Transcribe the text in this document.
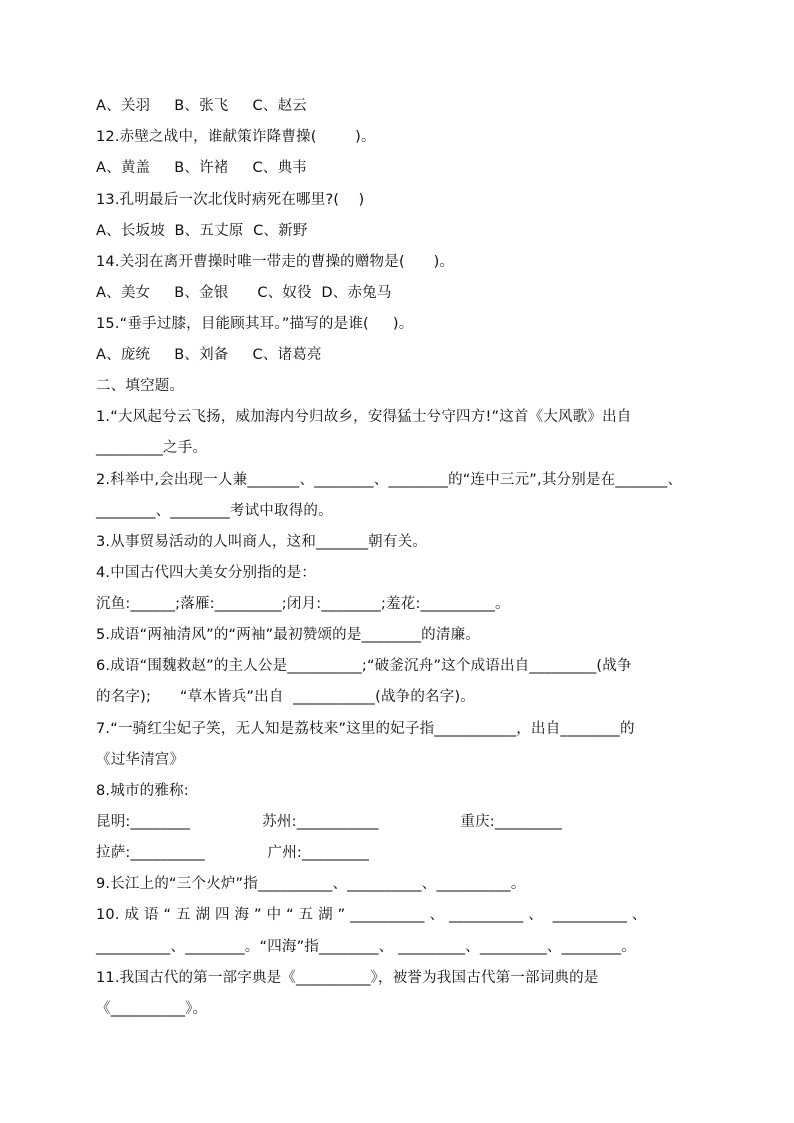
A、关羽     B、张飞     C、赵云
12.赤壁之战中，谁献策诈降曹操(        )。
A、黄盖     B、许褚     C、典韦
13.孔明最后一次北伐时病死在哪里?(    )
A、长坂坡  B、五丈原  C、新野
14.关羽在离开曹操时唯一带走的曹操的赠物是(      )。
A、美女     B、金银      C、奴役  D、赤兔马
15.“垂手过膝，目能顾其耳。”描写的是谁(     )。
A、庞统     B、刘备     C、诸葛亮
二、填空题。
1.“大风起兮云飞扬，威加海内兮归故乡，安得猛士兮守四方!”这首《大风歌》出自
_________之手。
2.科举中,会出现一人兼_______、________、________的“连中三元”,其分别是在_______、
________、________考试中取得的。
3.从事贸易活动的人叫商人，这和_______朝有关。
4.中国古代四大美女分别指的是：
沉鱼:______;落雁:_________;闭月:________;羞花:__________。
5.成语“两袖清风”的“两袖”最初赞颂的是________的清廉。
6.成语“围魏救赵”的主人公是__________;“破釜沉舟”这个成语出自_________(战争
的名字);      “草木皆兵”出自  ___________(战争的名字)。
7.“一骑红尘妃子笑，无人知是荔枝来”这里的妃子指___________，出自________的
《过华清宫》
8.城市的雅称:
昆明:________               苏州:___________                 重庆:_________
拉萨:__________             广州:_________
9.长江上的“三个火炉”指__________、__________、__________。
10. 成 语 “ 五 湖 四 海 ” 中 “ 五 湖 ” __________ 、 __________ 、  __________ 、
__________、________。“四海”指________、 _________、_________、________。
11.我国古代的第一部字典是《__________》，被誉为我国古代第一部词典的是
《__________》。
